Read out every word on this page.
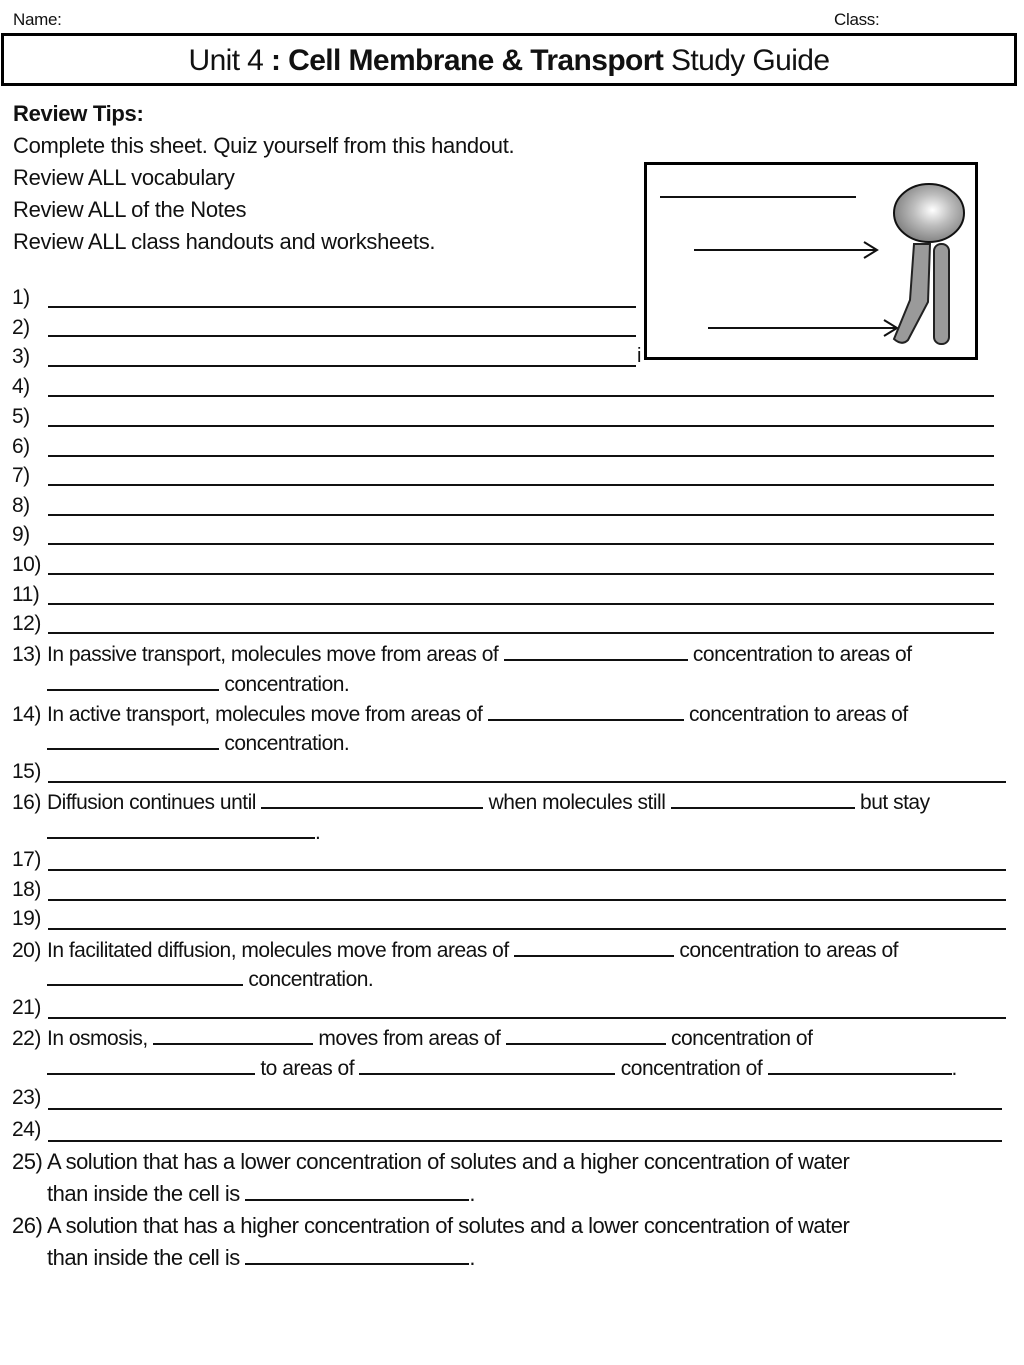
Name:	Class:
Unit 4 : Cell Membrane & Transport Study Guide
Review Tips:
Complete this sheet. Quiz yourself from this handout.
Review ALL vocabulary
Review ALL of the Notes
Review ALL class handouts and worksheets.
1)
2)
3)	i
4)
5)
6)
7)
8)
9)
10)
11)
12)
13) In passive transport, molecules move from areas of	concentration to areas of
concentration.
14) In active transport, molecules move from areas of	concentration to areas of
concentration.
15)
16) Diffusion continues until	when molecules still	but stay
.
17)
18)
19)
20) In facilitated diffusion, molecules move from areas of	concentration to areas of
concentration.
21)
22) In osmosis,	moves from areas of	concentration of
to areas of	concentration of	.
23)
24)
25) A solution that has a lower concentration of solutes and a higher concentration of water
than inside the cell is	.
26) A solution that has a higher concentration of solutes and a lower concentration of water
than inside the cell is	.
